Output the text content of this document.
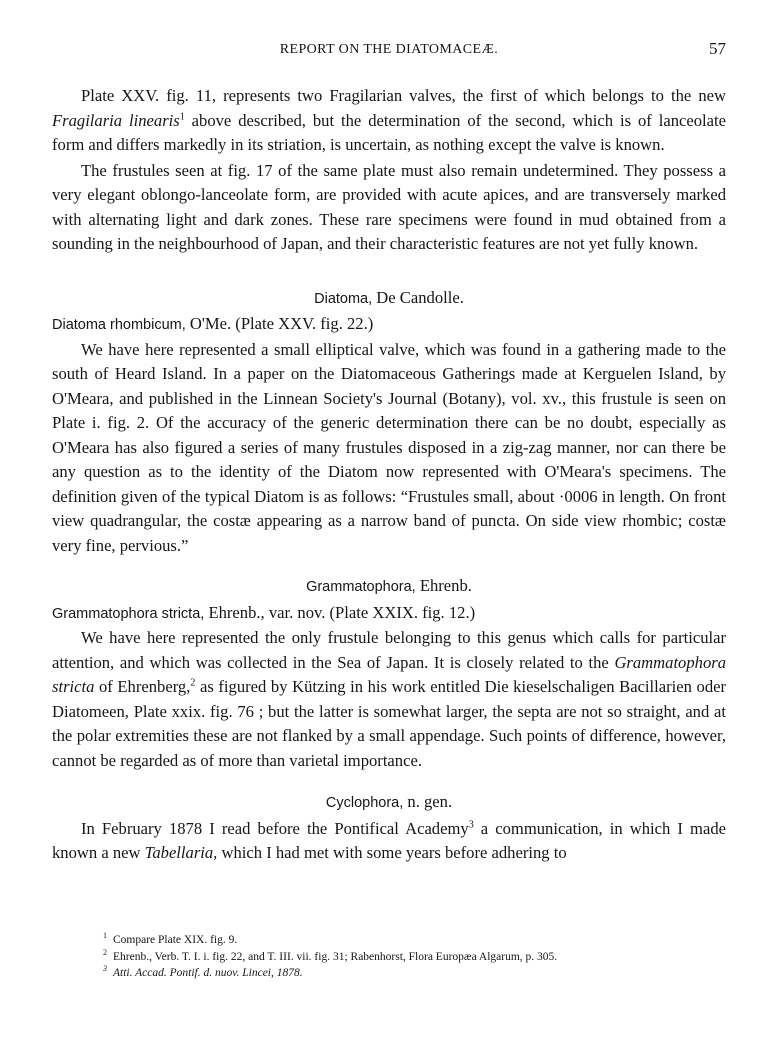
REPORT ON THE DIATOMACEÆ.	57

Plate XXV. fig. 11, represents two Fragilarian valves, the first of which belongs to the new Fragilaria linearis$^1$ above described, but the determination of the second, which is of lanceolate form and differs markedly in its striation, is uncertain, as nothing except the valve is known.

The frustules seen at fig. 17 of the same plate must also remain undetermined. They possess a very elegant oblongo-lanceolate form, are provided with acute apices, and are transversely marked with alternating light and dark zones. These rare specimens were found in mud obtained from a sounding in the neighbourhood of Japan, and their characteristic features are not yet fully known.

Diatoma, De Candolle.
Diatoma rhombicum, O'Me. (Plate XXV. fig. 22.)

We have here represented a small elliptical valve, which was found in a gathering made to the south of Heard Island. In a paper on the Diatomaceous Gatherings made at Kerguelen Island, by O'Meara, and published in the Linnean Society's Journal (Botany), vol. xv., this frustule is seen on Plate i. fig. 2. Of the accuracy of the generic determination there can be no doubt, especially as O'Meara has also figured a series of many frustules disposed in a zig-zag manner, nor can there be any question as to the identity of the Diatom now represented with O'Meara's specimens. The definition given of the typical Diatom is as follows: “Frustules small, about ·0006 in length. On front view quadrangular, the costæ appearing as a narrow band of puncta. On side view rhombic; costæ very fine, pervious.”

Grammatophora, Ehrenb.
Grammatophora stricta, Ehrenb., var. nov. (Plate XXIX. fig. 12.)

We have here represented the only frustule belonging to this genus which calls for particular attention, and which was collected in the Sea of Japan. It is closely related to the Grammatophora stricta of Ehrenberg,$^2$ as figured by Kützing in his work entitled Die kieselschaligen Bacillarien oder Diatomeen, Plate xxix. fig. 76 ; but the latter is somewhat larger, the septa are not so straight, and at the polar extremities these are not flanked by a small appendage. Such points of difference, however, cannot be regarded as of more than varietal importance.

Cyclophora, n. gen.

In February 1878 I read before the Pontifical Academy$^3$ a communication, in which I made known a new Tabellaria, which I had met with some years before adhering to

$^1$ Compare Plate XIX. fig. 9.

$^2$ Ehrenb., Verb. T. I. i. fig. 22, and T. III. vii. fig. 31; Rabenhorst, Flora Europæa Algarum, p. 305.

$^3$ Atti. Accad. Pontif. d. nuov. Lincei, 1878.
